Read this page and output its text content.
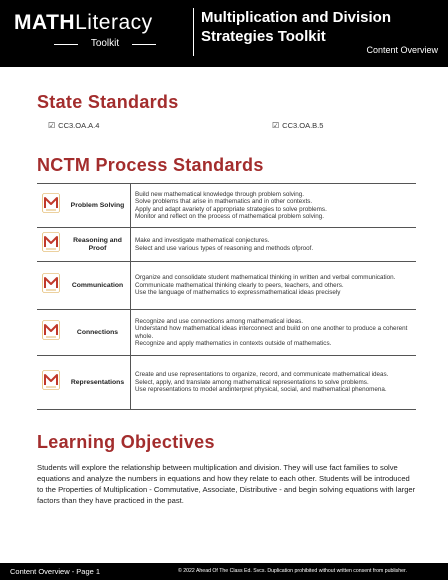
MATHLiteracy
Toolkit
Multiplication and Division Strategies Toolkit
Content Overview
State Standards
☑ CC3.OA.A.4	☑ CC3.OA.B.5
NCTM Process Standards
	Problem Solving	Build new mathematical knowledge through problem solving.
Solve problems that arise in mathematics and in other contexts.
Apply and adapt avariety of appropriate strategies to solve problems.
Monitor and reflect on the process of mathematical problem solving.

	Reasoning and Proof	Make and investigate mathematical conjectures.
Select and use various types of reasoning and methods ofproof.

	Communication	Organize and consolidate student mathematical thinking in written and verbal communication.
Communicate mathematical thinking clearly to peers, teachers, and others.
Use the language of mathematics to expressmathematical ideas precisely

	Connections	Recognize and use connections among mathematical ideas.
Understand how mathematical ideas interconnect and build on one another to produce a coherent whole.
Recognize and apply mathematics in contexts outside of mathematics.

	Representations	Create and use representations to organize, record, and communicate mathematical ideas.
Select, apply, and translate among mathematical representations to solve problems.
Use representations to model andinterpret physical, social, and mathematical phenomena.
Learning Objectives
Students will explore the relationship between multiplication and division. They will use fact families to solve equations and analyze the numbers in equations and how they relate to each other. Students will be introduced to the Properties of Multiplication - Commutative, Associate, Distributive - and begin solving equations with larger factors than they have practiced in the past.
Content Overview - Page 1	© 2022 Ahead Of The Class Ed. Svcs. Duplication prohibited without written consent from publisher.
